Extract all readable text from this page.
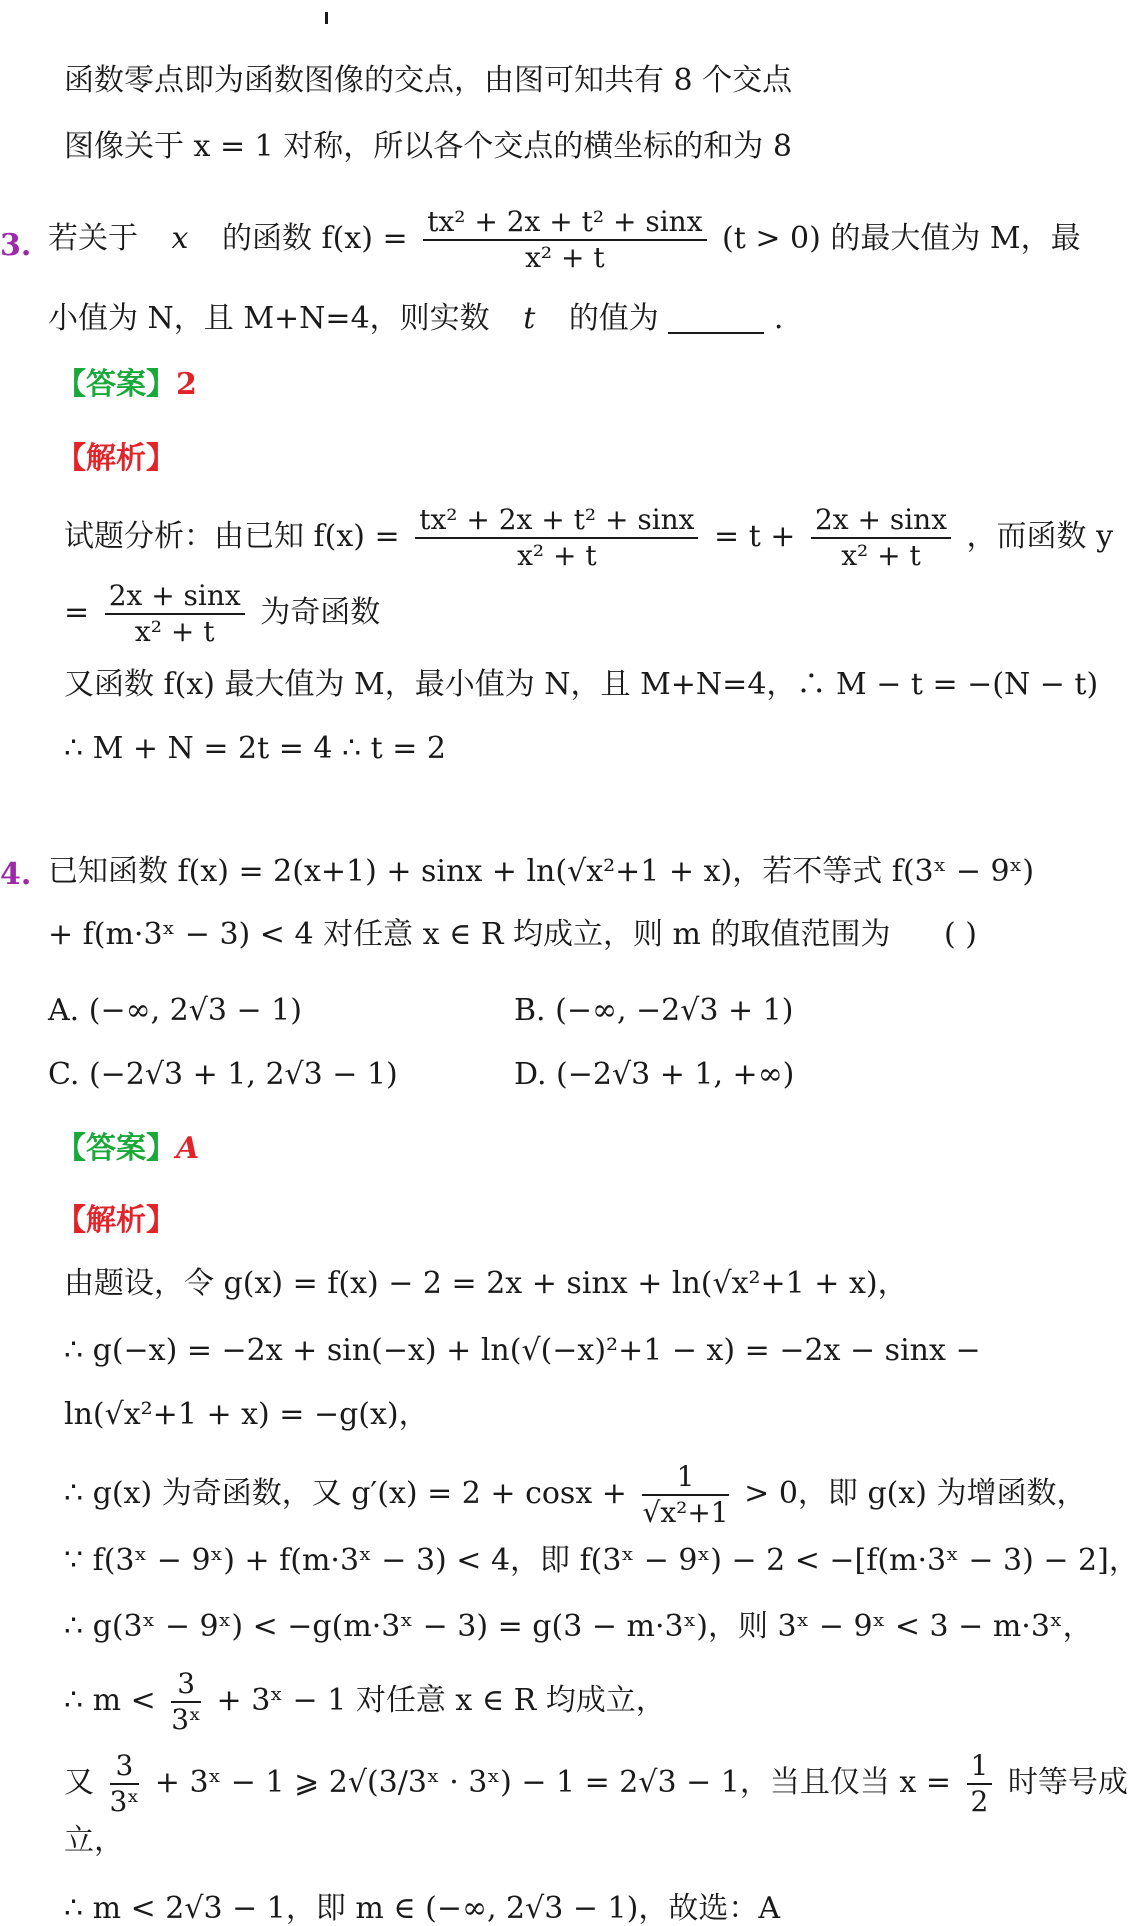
函数零点即为函数图像的交点，由图可知共有 8 个交点
图像关于 x = 1 对称，所以各个交点的横坐标的和为 8
3. 若关于 x 的函数 $f(x) = \frac{\text{tx² + 2x + t² + sinx}}{\text{x² + t}} (t > 0)$ 的最大值为 M，最
小值为 N，且 M+N=4，则实数 t 的值为	.
【答案】2
【解析】
试题分析：由已知 $f(x) = \frac{\text{tx² + 2x + t² + sinx}}{\text{x² + t}} = t + \frac{2x + \sin x}{\text{x² + t}}$ ，而函数 y
= $\frac{2x + \sin x}{\text{x² + t}}$ 为奇函数
又函数 f(x) 最大值为 M，最小值为 N，且 M+N=4，∴ M − t = −(N − t)
∴ M + N = 2t = 4 ∴ t = 2
4. 已知函数 f(x) = 2(x+1) + sinx + ln(√x²+1 + x)，若不等式 f(3ˣ − 9ˣ)
+ f(m·3ˣ − 3) < 4 对任意 x ∈ R 均成立，则 m 的取值范围为 ( )
A. (−∞, 2√3 − 1)	B. (−∞, −2√3 + 1)
C. (−2√3 + 1, 2√3 − 1)	D. (−2√3 + 1, +∞)
【答案】A
【解析】
由题设，令 g(x) = f(x) − 2 = 2x + sinx + ln(√x²+1 + x)，
∴ g(−x) = −2x + sin(−x) + ln(√(−x)²+1 − x) = −2x − sinx −
ln(√x²+1 + x) = −g(x)，
∴ g(x) 为奇函数，又 $g'(x) = 2 + \cos x + \frac{1}{\text{√x²+1}} > 0$，即 g(x) 为增函数，
∵ f(3ˣ − 9ˣ) + f(m·3ˣ − 3) < 4，即 f(3ˣ − 9ˣ) − 2 < −[f(m·3ˣ − 3) − 2]，
∴ g(3ˣ − 9ˣ) < −g(m·3ˣ − 3) = g(3 − m·3ˣ)，则 3ˣ − 9ˣ < 3 − m·3ˣ，
∴ $m < \frac{3}{\text{3ˣ}}$ + 3ˣ − 1 对任意 x ∈ R 均成立，
又 $\frac{3}{\text{3ˣ}}$ + 3ˣ − 1 ⩾ 2√(3/3ˣ · 3ˣ) − 1 = 2√3 − 1，当且仅当 $x = \frac{1}{2}$ 时等号成
立，
∴ m < 2√3 − 1，即 m ∈ (−∞, 2√3 − 1)，故选：A
